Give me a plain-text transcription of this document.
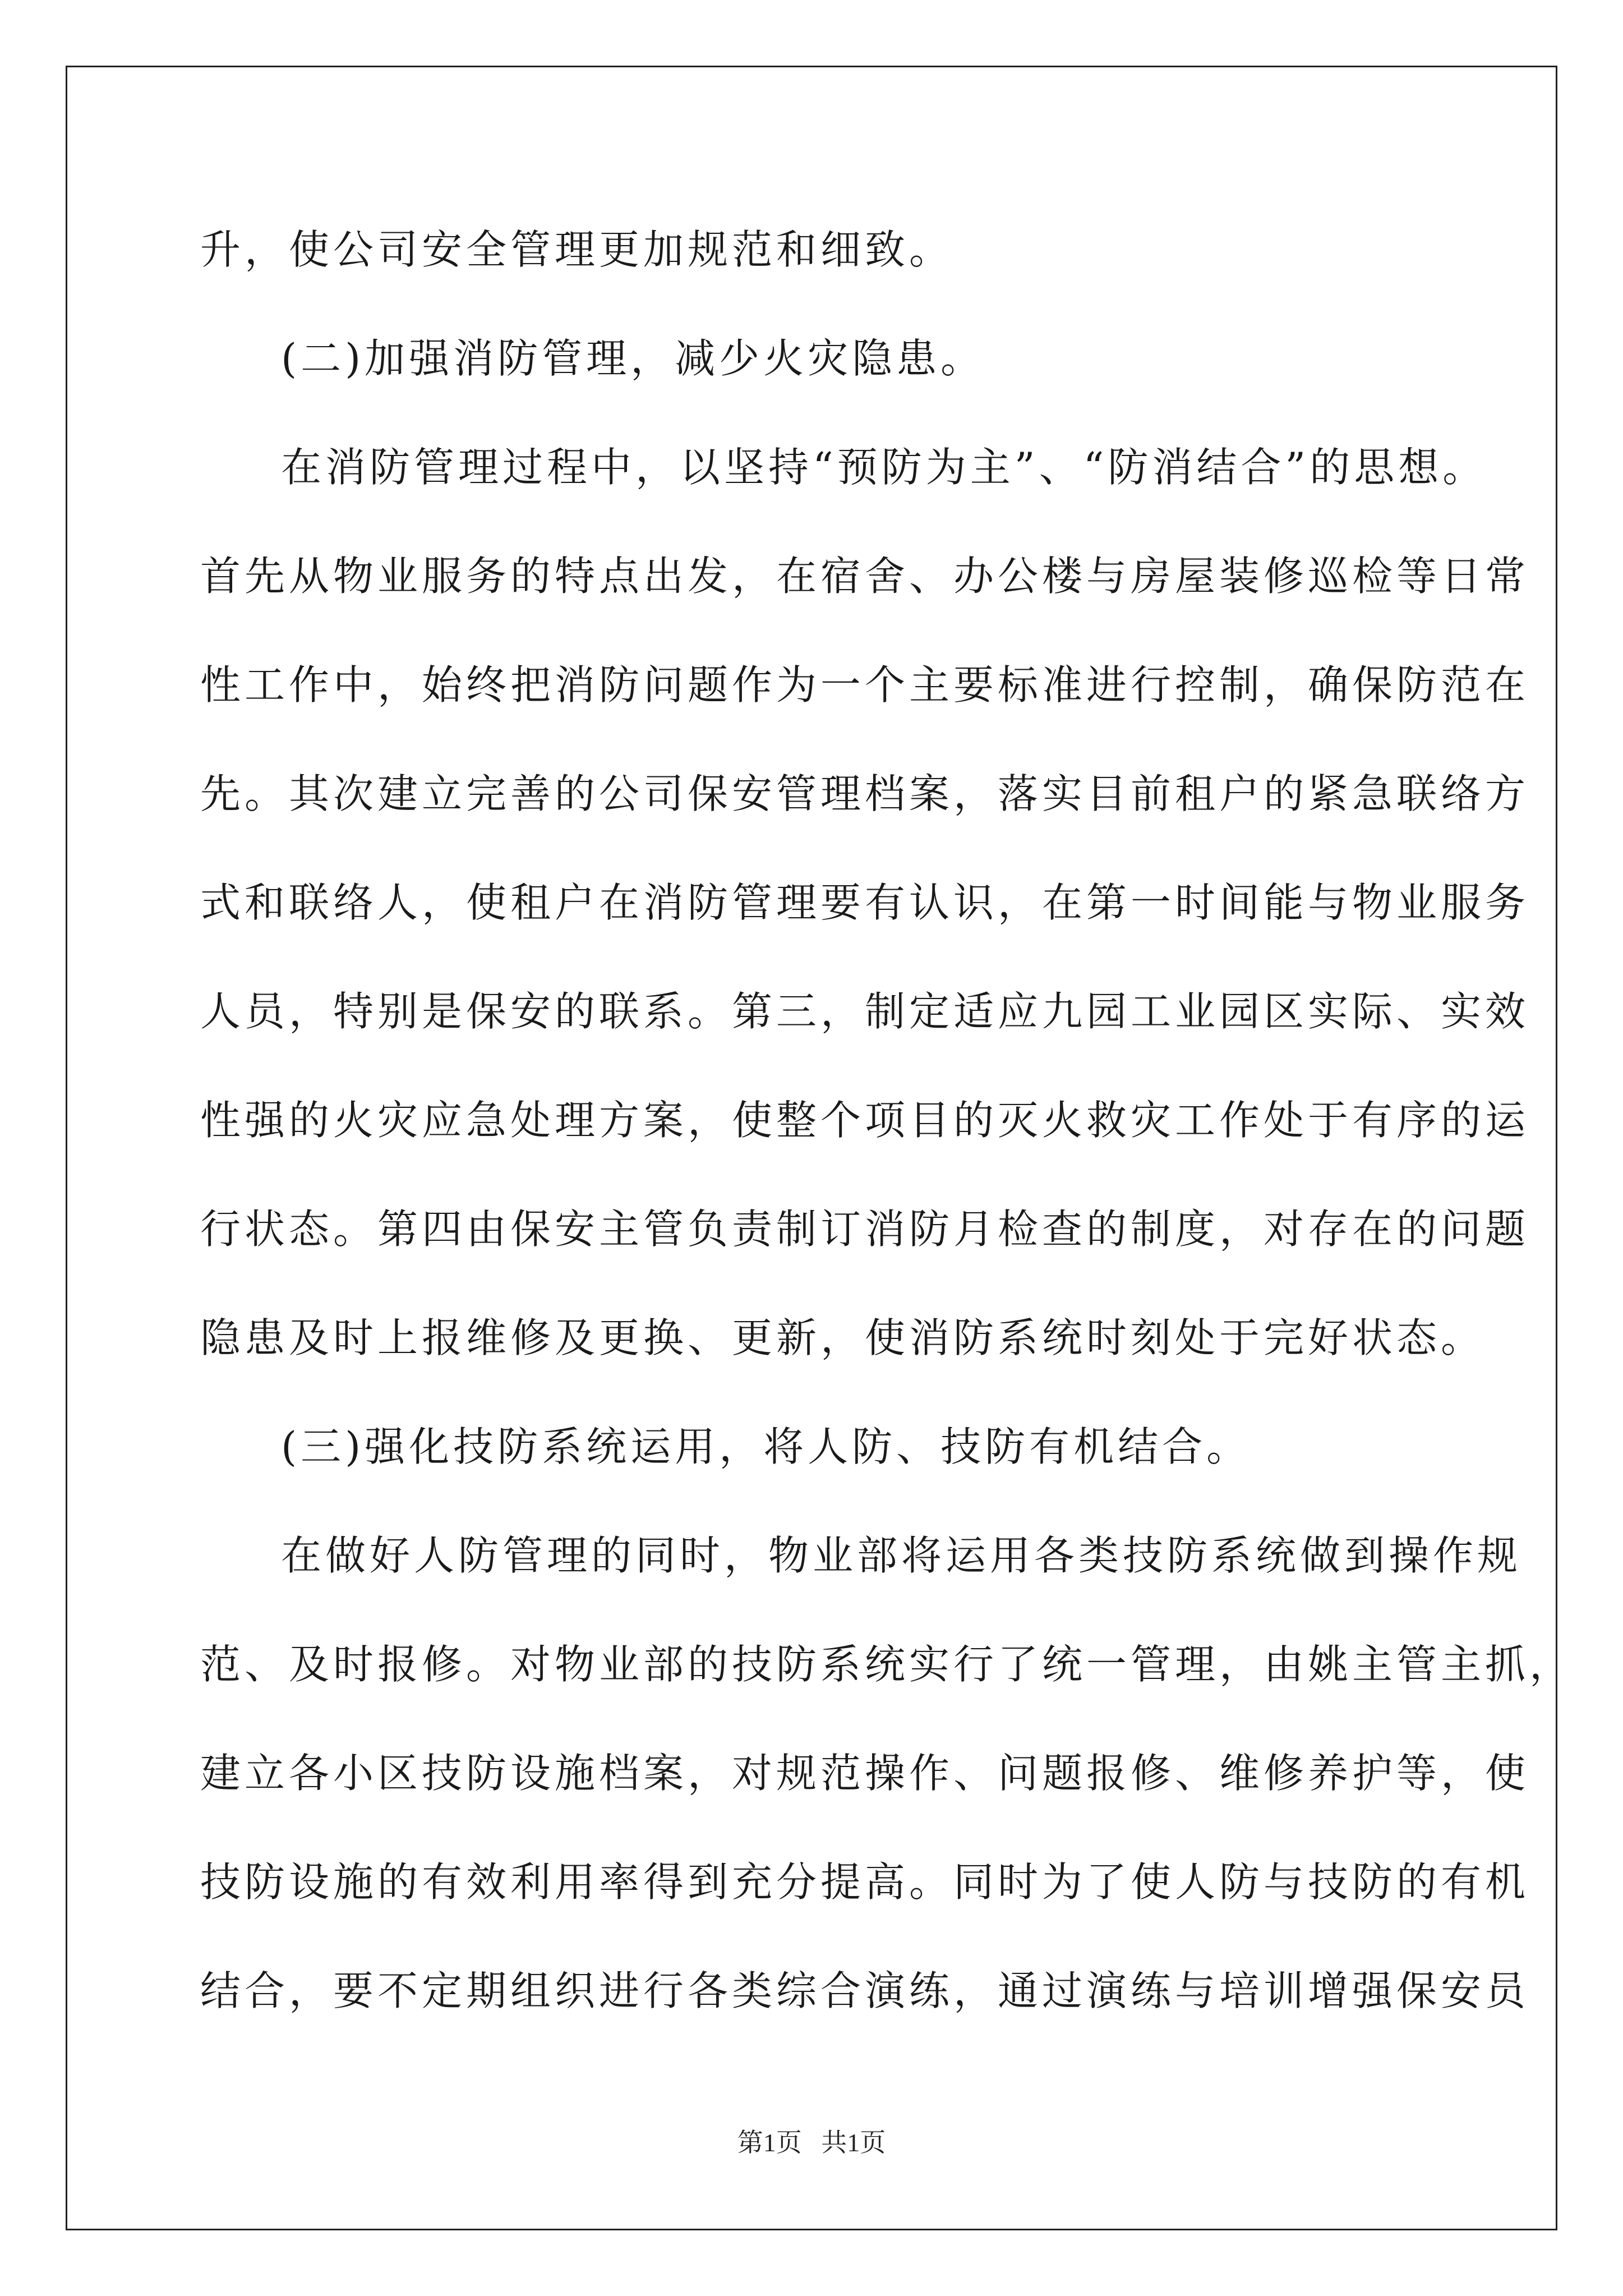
升，使公司安全管理更加规范和细致。
(二)加强消防管理，减少火灾隐患。
在消防管理过程中，以坚持“预防为主”、“防消结合”的思想。
首先从物业服务的特点出发，在宿舍、办公楼与房屋装修巡检等日常
性工作中，始终把消防问题作为一个主要标准进行控制，确保防范在
先。其次建立完善的公司保安管理档案，落实目前租户的紧急联络方
式和联络人，使租户在消防管理要有认识，在第一时间能与物业服务
人员，特别是保安的联系。第三，制定适应九园工业园区实际、实效
性强的火灾应急处理方案，使整个项目的灭火救灾工作处于有序的运
行状态。第四由保安主管负责制订消防月检查的制度，对存在的问题
隐患及时上报维修及更换、更新，使消防系统时刻处于完好状态。
(三)强化技防系统运用，将人防、技防有机结合。
在做好人防管理的同时，物业部将运用各类技防系统做到操作规
范、及时报修。对物业部的技防系统实行了统一管理，由姚主管主抓，
建立各小区技防设施档案，对规范操作、问题报修、维修养护等，使
技防设施的有效利用率得到充分提高。同时为了使人防与技防的有机
结合，要不定期组织进行各类综合演练，通过演练与培训增强保安员
第1页   共1页
